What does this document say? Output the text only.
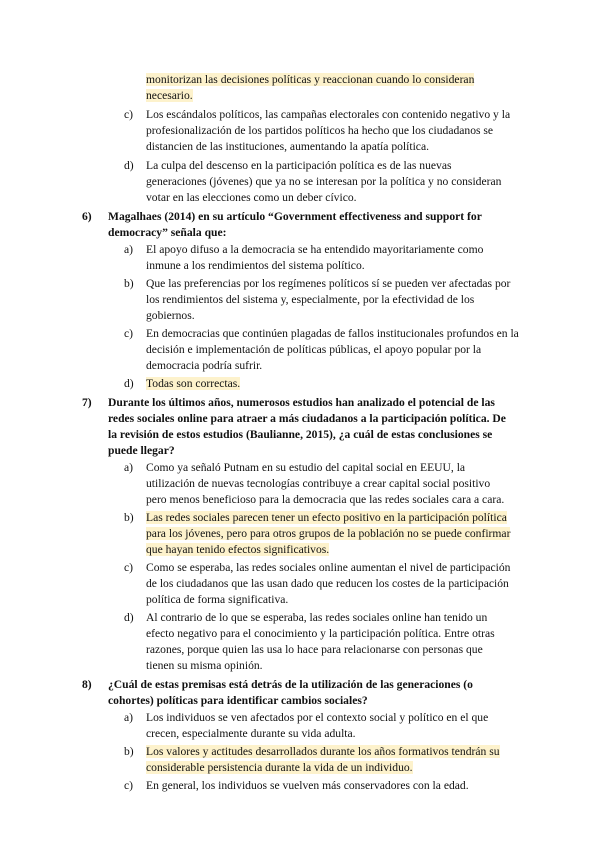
monitorizan las decisiones políticas y reaccionan cuando lo consideran
necesario.
c) Los escándalos políticos, las campañas electorales con contenido negativo y la
profesionalización de los partidos políticos ha hecho que los ciudadanos se
distancien de las instituciones, aumentando la apatía política.
d) La culpa del descenso en la participación política es de las nuevas
generaciones (jóvenes) que ya no se interesan por la política y no consideran
votar en las elecciones como un deber cívico.
6) Magalhaes (2014) en su artículo “Government effectiveness and support for
democracy” señala que:
a) El apoyo difuso a la democracia se ha entendido mayoritariamente como
inmune a los rendimientos del sistema político.
b) Que las preferencias por los regímenes políticos sí se pueden ver afectadas por
los rendimientos del sistema y, especialmente, por la efectividad de los
gobiernos.
c) En democracias que continúen plagadas de fallos institucionales profundos en la
decisión e implementación de políticas públicas, el apoyo popular por la
democracia podría sufrir.
d) Todas son correctas.
7) Durante los últimos años, numerosos estudios han analizado el potencial de las
redes sociales online para atraer a más ciudadanos a la participación política. De
la revisión de estos estudios (Baulianne, 2015), ¿a cuál de estas conclusiones se
puede llegar?
a) Como ya señaló Putnam en su estudio del capital social en EEUU, la
utilización de nuevas tecnologías contribuye a crear capital social positivo
pero menos beneficioso para la democracia que las redes sociales cara a cara.
b) Las redes sociales parecen tener un efecto positivo en la participación política
para los jóvenes, pero para otros grupos de la población no se puede confirmar
que hayan tenido efectos significativos.
c) Como se esperaba, las redes sociales online aumentan el nivel de participación
de los ciudadanos que las usan dado que reducen los costes de la participación
política de forma significativa.
d) Al contrario de lo que se esperaba, las redes sociales online han tenido un
efecto negativo para el conocimiento y la participación política. Entre otras
razones, porque quien las usa lo hace para relacionarse con personas que
tienen su misma opinión.
8) ¿Cuál de estas premisas está detrás de la utilización de las generaciones (o
cohortes) políticas para identificar cambios sociales?
a) Los individuos se ven afectados por el contexto social y político en el que
crecen, especialmente durante su vida adulta.
b) Los valores y actitudes desarrollados durante los años formativos tendrán su
considerable persistencia durante la vida de un individuo.
c) En general, los individuos se vuelven más conservadores con la edad.
